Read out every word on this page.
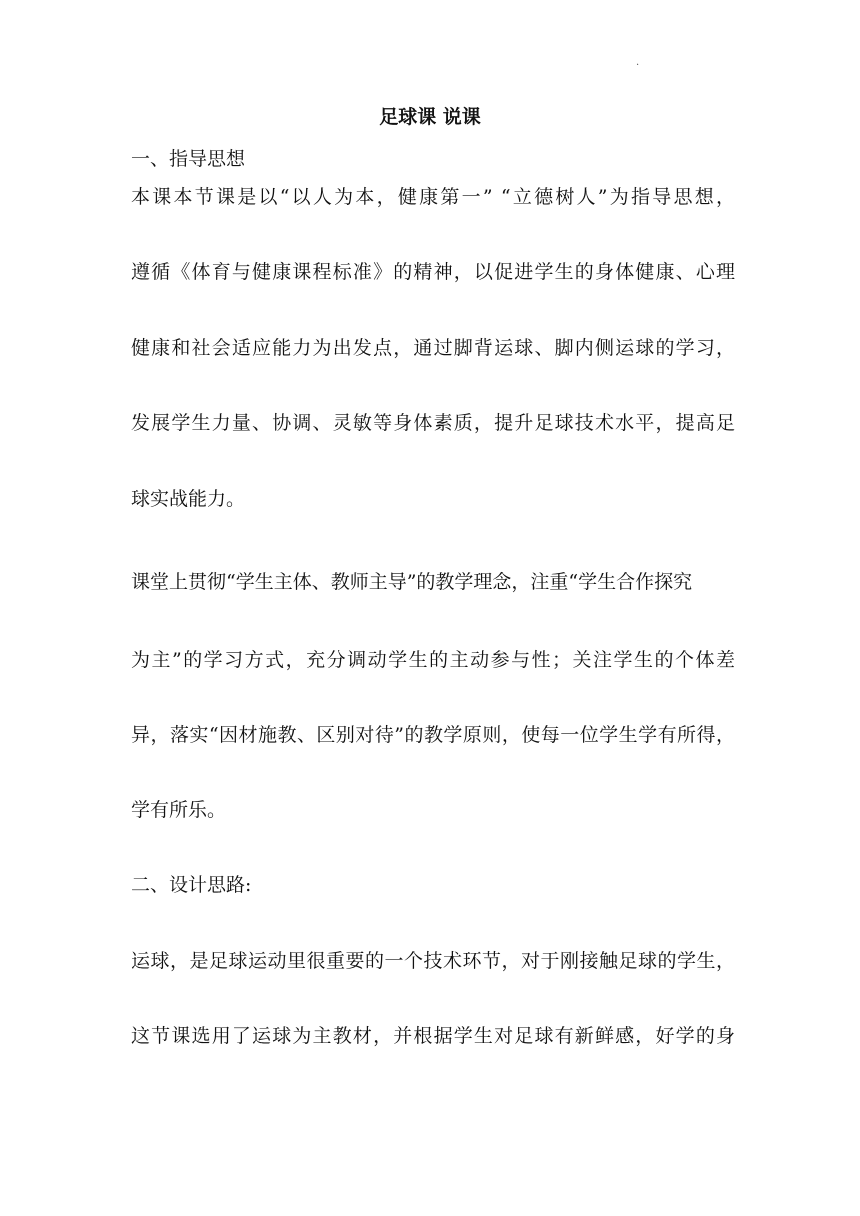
.
足球课 说课
一、指导思想
本课本节课是以“以人为本，健康第一” “立德树人”为指导思想，
遵循《体育与健康课程标准》的精神，以促进学生的身体健康、心理
健康和社会适应能力为出发点，通过脚背运球、脚内侧运球的学习，
发展学生力量、协调、灵敏等身体素质，提升足球技术水平，提高足
球实战能力。
课堂上贯彻“学生主体、教师主导”的教学理念，注重“学生合作探究
为主”的学习方式，充分调动学生的主动参与性；关注学生的个体差
异，落实“因材施教、区别对待”的教学原则，使每一位学生学有所得，
学有所乐。
二、设计思路:
运球，是足球运动里很重要的一个技术环节，对于刚接触足球的学生，
这节课选用了运球为主教材，并根据学生对足球有新鲜感，好学的身
